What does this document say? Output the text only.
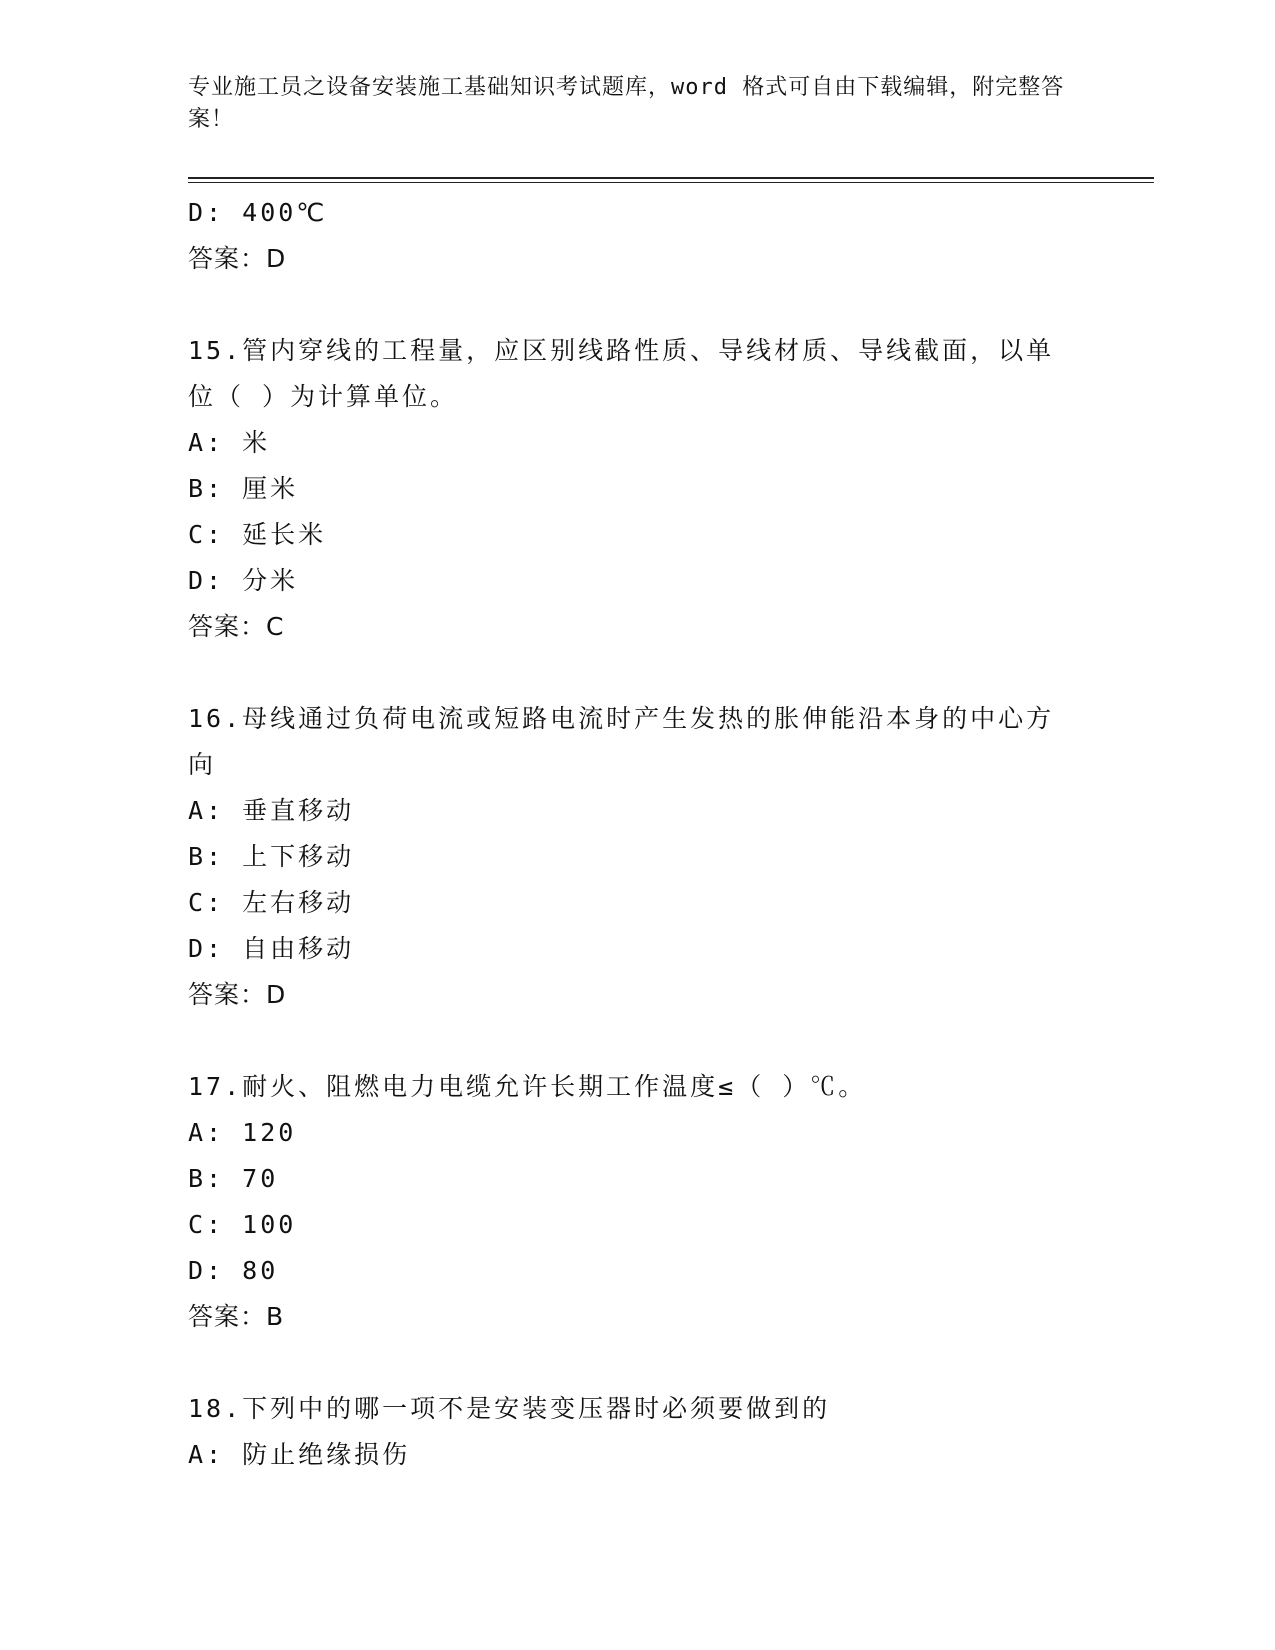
专业施工员之设备安装施工基础知识考试题库，word 格式可自由下载编辑，附完整答案！
D: 400℃
答案：D
15.管内穿线的工程量，应区别线路性质、导线材质、导线截面，以单
位（ ）为计算单位。
A: 米
B: 厘米
C: 延长米
D: 分米
答案：C
16.母线通过负荷电流或短路电流时产生发热的胀伸能沿本身的中心方
向
A: 垂直移动
B: 上下移动
C: 左右移动
D: 自由移动
答案：D
17.耐火、阻燃电力电缆允许长期工作温度≤（ ）℃。
A: 120
B: 70
C: 100
D: 80
答案：B
18.下列中的哪一项不是安装变压器时必须要做到的
A: 防止绝缘损伤
